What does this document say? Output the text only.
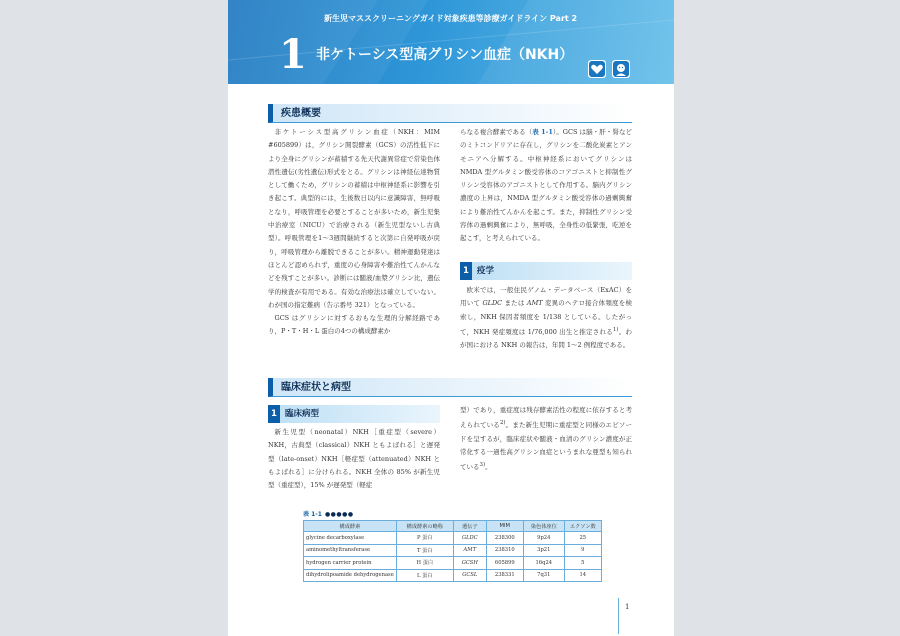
新生児マススクリーニングガイド対象疾患等診療ガイドライン Part 2
1 非ケトーシス型高グリシン血症（NKH）
疾患概要

非ケトーシス型高グリシン血症（NKH：MIM #605899）は，グリシン開裂酵素（GCS）の活性低下により全身にグリシンが蓄積する先天代謝異常症で常染色体潜性遺伝(劣性遺伝)形式をとる。グリシンは神経伝達物質として働くため，グリシンの蓄積は中枢神経系に影響を引き起こす。典型的には，生後数日以内に意識障害，無呼吸となり，呼吸管理を必要とすることが多いため，新生児集中治療室（NICU）で治療される（新生児型ないし古典型）。呼吸管理を1～3週間継続すると次第に自発呼吸が戻り，呼吸管理から離脱できることが多い。精神運動発達はほとんど認められず，重度の心身障害や難治性てんかんなどを残すことが多い。診断には髄液/血漿グリシン比，遺伝学的検査が有用である。有効な治療法は確立していない。わが国の指定難病（告示番号 321）となっている。

GCS はグリシンに対するおもな生理的分解経路であり，P・T・H・L 蛋白の4つの構成酵素か

らなる複合酵素である（表 1-1）。GCS は脳・肝・腎などのミトコンドリアに存在し，グリシンを二酸化炭素とアンモニアへ分解する。中枢神経系においてグリシンは NMDA 型グルタミン酸受容体のコアゴニストと抑制性グリシン受容体のアゴニストとして作用する。脳内グリシン濃度の上昇は，NMDA 型グルタミン酸受容体の過剰興奮により難治性てんかんを起こす。また，抑制性グリシン受容体の過剰興奮により，無呼吸，全身性の低緊張，吃逆を起こす，と考えられている。

1 疫学

欧米では，一般住民ゲノム・データベース（ExAC）を用いて GLDC または AMT 変異のヘテロ接合体頻度を検索し，NKH 保因者頻度を 1/138 としている。したがって，NKH 発症頻度は 1/76,000 出生と推定される$^{1)}$。わが国における NKH の報告は，年間 1～2 例程度である。

臨床症状と病型
1 臨床病型

新生児型（neonatal）NKH［重症型（severe）NKH，古典型（classical）NKH ともよばれる］と遅発型（late-onset）NKH［軽症型（attenuated）NKH ともよばれる］に分けられる。NKH 全体の 85% が新生児型（重症型），15% が遅発型（軽症

型）であり，重症度は残存酵素活性の程度に依存すると考えられている$^{2)}$。また新生児期に重症型と同様のエピソードを呈するが，臨床症状や髄液・血清のグリシン濃度が正常化する一過性高グリシン血症というまれな亜型も知られている$^{3)}$。

表 1-1 ●●●●●
構成酵素	構成酵素の略称	遺伝子	MIM	染色体座位	エクソン数
glycine decarboxylase	P 蛋白	GLDC	238300	9p24	25
aminomethyltransferase	T 蛋白	AMT	238310	3p21	9
hydrogen carrier protein	H 蛋白	GCSH	605899	16q24	5
dihydrolipoamide dehydrogenase	L 蛋白	GCSL	238331	7q31	14
1
